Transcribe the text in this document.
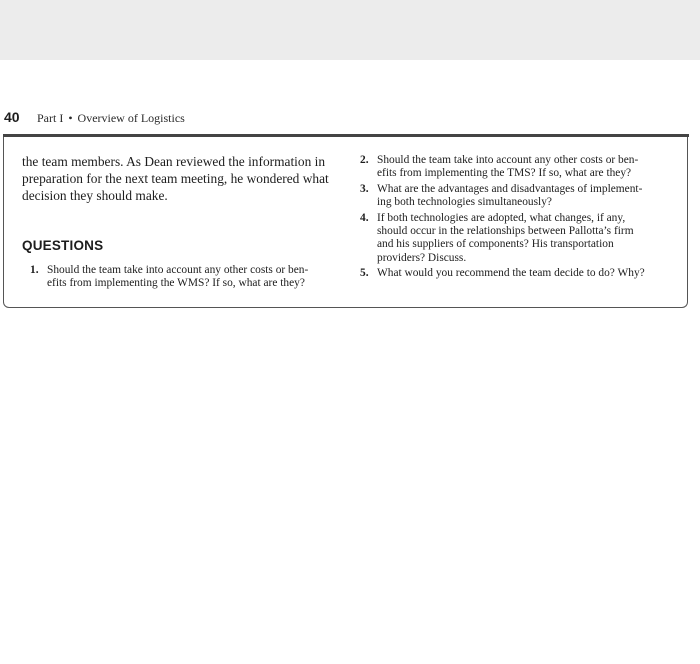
40 Part I • Overview of Logistics

the team members. As Dean reviewed the information in
preparation for the next team meeting, he wondered what
decision they should make.

QUESTIONS
1. Should the team take into account any other costs or ben-
efits from implementing the WMS? If so, what are they?
2. Should the team take into account any other costs or ben-
efits from implementing the TMS? If so, what are they?
3. What are the advantages and disadvantages of implement-
ing both technologies simultaneously?
4. If both technologies are adopted, what changes, if any,
should occur in the relationships between Pallotta’s firm
and his suppliers of components? His transportation
providers? Discuss.
5. What would you recommend the team decide to do? Why?
